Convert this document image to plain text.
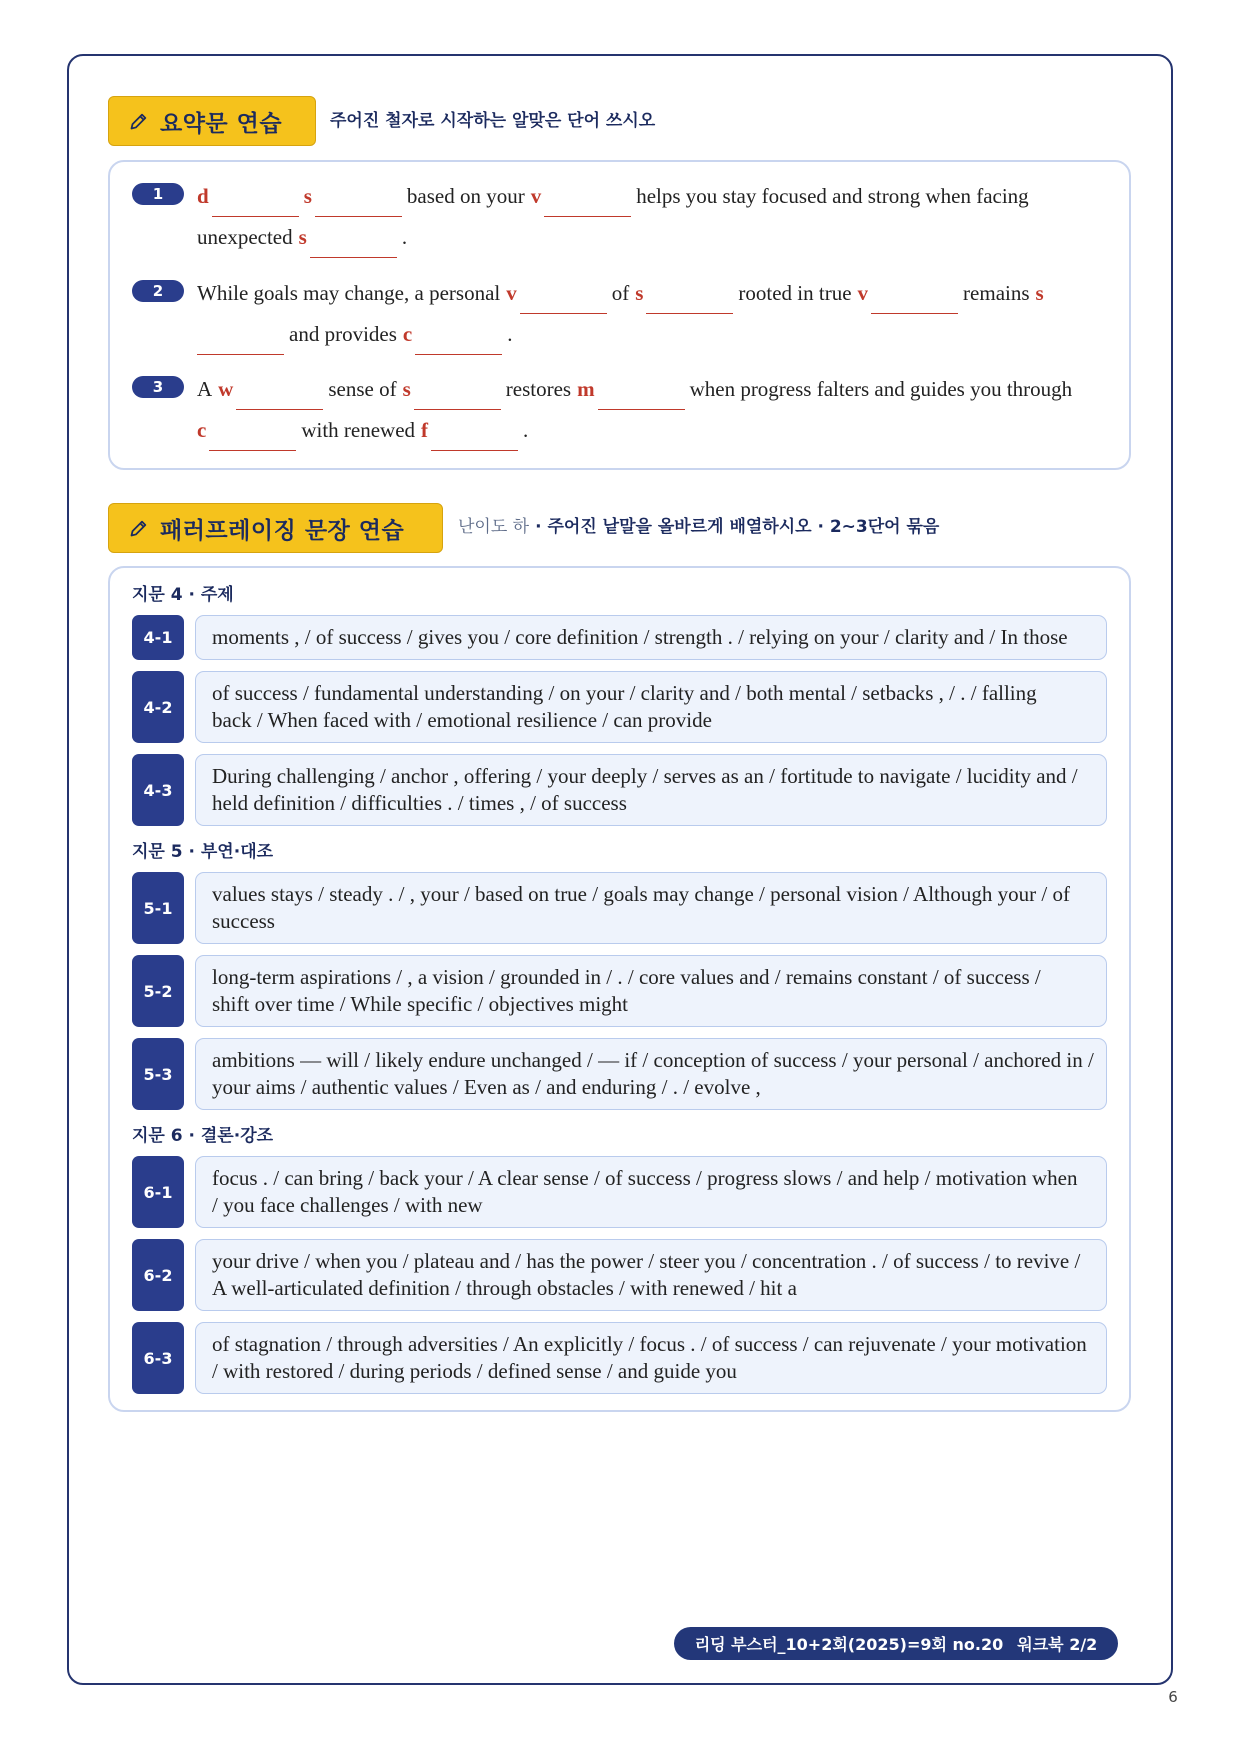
요약문 연습	주어진 철자로 시작하는 알맞은 단어 쓰시오
1	d	s	based on your v	helps you stay focused and strong when facing
unexpected s	.
2	While goals may change, a personal v	of s	rooted in true v	remains s
and provides c	.
3	A w	sense of s	restores m	when progress falters and guides you through
c	with renewed f	.
패러프레이징 문장 연습	난이도 하 · 주어진 낱말을 올바르게 배열하시오 · 2~3단어 묶음
지문 4 · 주제
4-1	moments , / of success / gives you / core definition / strength . / relying on your / clarity and / In those
4-2
of success / fundamental understanding / on your / clarity and / both mental / setbacks , / . / falling
back / When faced with / emotional resilience / can provide
4-3
During challenging / anchor , offering / your deeply / serves as an / fortitude to navigate / lucidity and /
held definition / difficulties . / times , / of success
지문 5 · 부연·대조
5-1
values stays / steady . / , your / based on true / goals may change / personal vision / Although your / of
success
5-2
long-term aspirations / , a vision / grounded in / . / core values and / remains constant / of success /
shift over time / While specific / objectives might
5-3
ambitions — will / likely endure unchanged / — if / conception of success / your personal / anchored in /
your aims / authentic values / Even as / and enduring / . / evolve ,
지문 6 · 결론·강조
6-1
focus . / can bring / back your / A clear sense / of success / progress slows / and help / motivation when
/ you face challenges / with new
6-2
your drive / when you / plateau and / has the power / steer you / concentration . / of success / to revive /
A well-articulated definition / through obstacles / with renewed / hit a
6-3
of stagnation / through adversities / An explicitly / focus . / of success / can rejuvenate / your motivation
/ with restored / during periods / defined sense / and guide you
리딩 부스터_10+2회(2025)=9회 no.20 워크북 2/2
6
